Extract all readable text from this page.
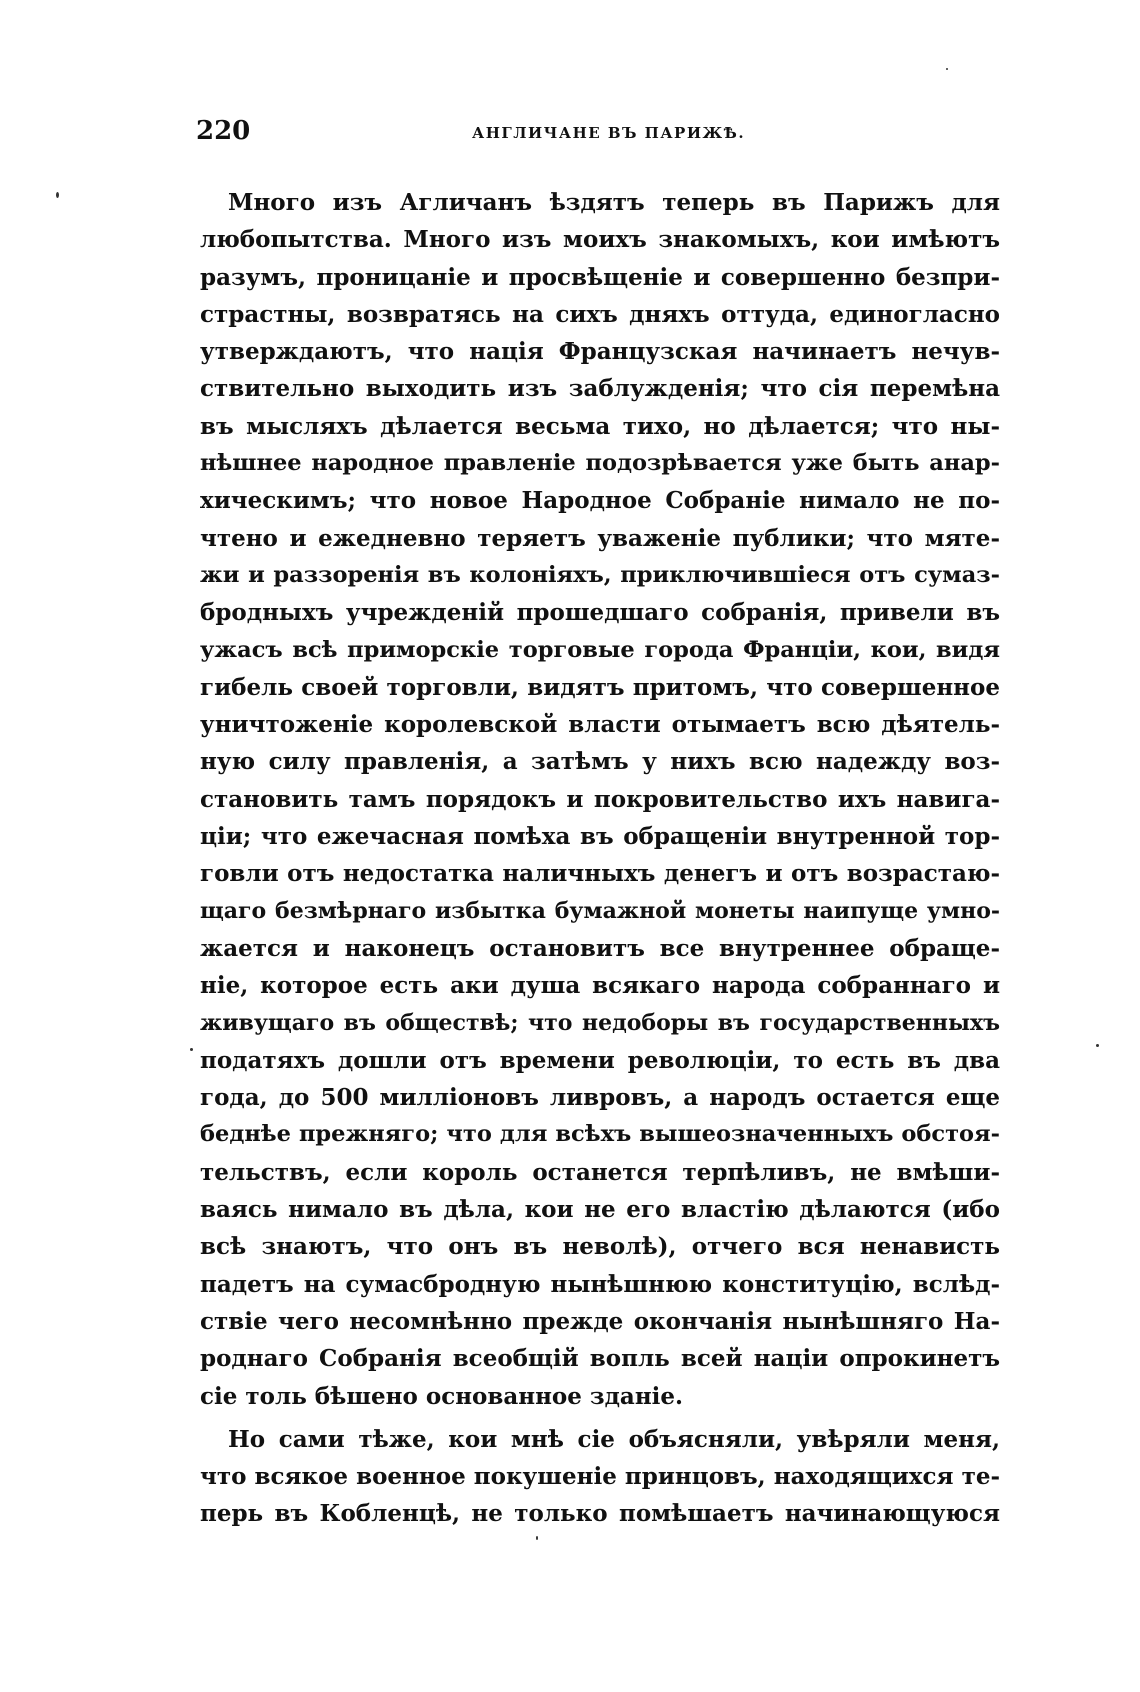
220	АНГЛИЧАНЕ ВЪ ПАРИЖѢ.
Много изъ Агличанъ ѣздятъ теперь въ Парижъ для
любопытства. Много изъ моихъ знакомыхъ, кои имѣютъ
разумъ, проницаніе и просвѣщеніе и совершенно безпри-
страстны, возвратясь на сихъ дняхъ оттуда, единогласно
утверждаютъ, что нація Французская начинаетъ нечув-
ствительно выходить изъ заблужденія; что сія перемѣна
въ мысляхъ дѣлается весьма тихо, но дѣлается; что ны-
нѣшнее народное правленіе подозрѣвается уже быть анар-
хическимъ; что новое Народное Собраніе нимало не по-
чтено и ежедневно теряетъ уваженіе публики; что мяте-
жи и раззоренія въ колоніяхъ, приключившіеся отъ сумаз-
бродныхъ учрежденій прошедшаго собранія, привели въ
ужасъ всѣ приморскіе торговые города Франціи, кои, видя
гибель своей торговли, видятъ притомъ, что совершенное
уничтоженіе королевской власти отымаетъ всю дѣятель-
ную силу правленія, а затѣмъ у нихъ всю надежду воз-
становить тамъ порядокъ и покровительство ихъ навига-
ціи; что ежечасная помѣха въ обращеніи внутренной тор-
говли отъ недостатка наличныхъ денегъ и отъ возрастаю-
щаго безмѣрнаго избытка бумажной монеты наипуще умно-
жается и наконецъ остановитъ все внутреннее обраще-
ніе, которое есть аки душа всякаго народа собраннаго и
живущаго въ обществѣ; что недоборы въ государственныхъ
податяхъ дошли отъ времени революціи, то есть въ два
года, до 500 милліоновъ ливровъ, а народъ остается еще
беднѣе прежняго; что для всѣхъ вышеозначенныхъ обстоя-
тельствъ, если король останется терпѣливъ, не вмѣши-
ваясь нимало въ дѣла, кои не его властію дѣлаются (ибо
всѣ знаютъ, что онъ въ неволѣ), отчего вся ненависть
падетъ на сумасбродную нынѣшнюю конституцію, вслѣд-
ствіе чего несомнѣнно прежде окончанія нынѣшняго На-
роднаго Собранія всеобщій вопль всей націи опрокинетъ
сіе толь бѣшено основанное зданіе.
Но сами тѣже, кои мнѣ сіе объясняли, увѣряли меня,
что всякое военное покушеніе принцовъ, находящихся те-
перь въ Кобленцѣ, не только помѣшаетъ начинающуюся
